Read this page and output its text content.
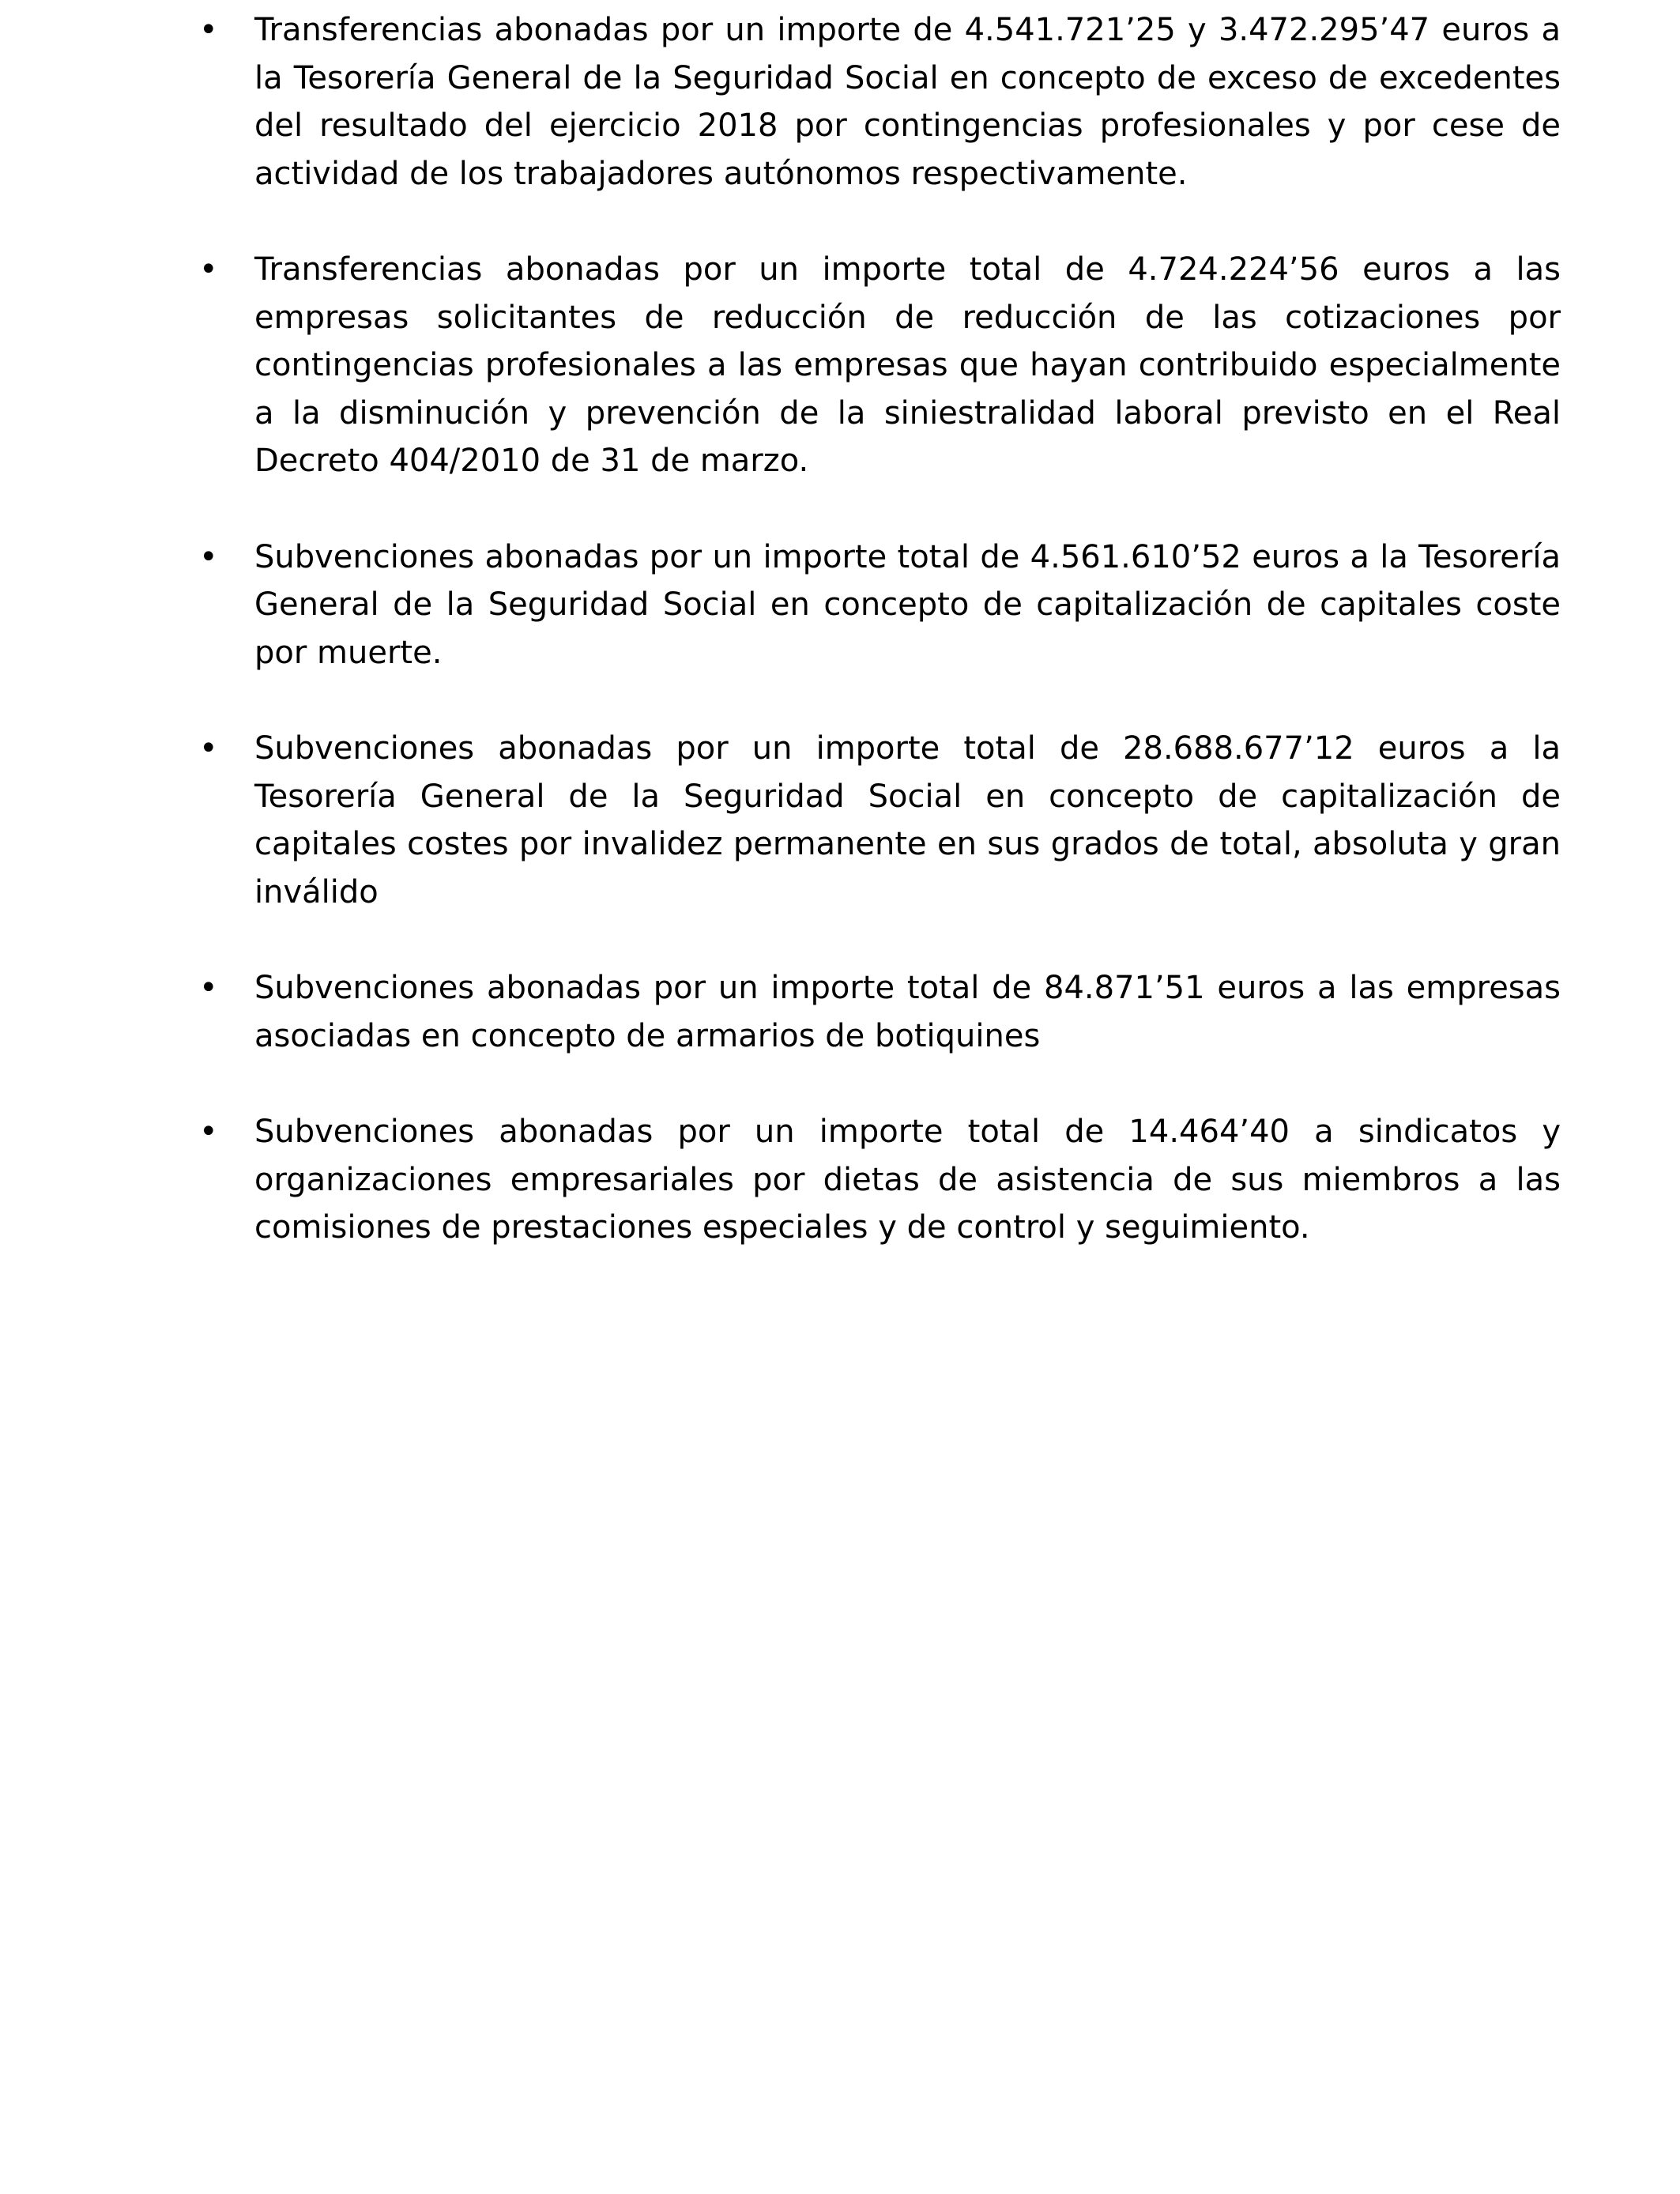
•	Transferencias abonadas por un importe de 4.541.721’25 y 3.472.295’47 euros a la Tesorería General de la Seguridad Social en concepto de exceso de excedentes del resultado del ejercicio 2018 por contingencias profesionales y por cese de actividad de los trabajadores autónomos respectivamente.
•	Transferencias abonadas por un importe total de 4.724.224’56 euros a las empresas solicitantes de reducción de reducción de las cotizaciones por contingencias profesionales a las empresas que hayan contribuido especialmente a la disminución y prevención de la siniestralidad laboral previsto en el Real Decreto 404/2010 de 31 de marzo.
•	Subvenciones abonadas por un importe total de 4.561.610’52 euros a la Tesorería General de la Seguridad Social en concepto de capitalización de capitales coste por muerte.
•	Subvenciones abonadas por un importe total de 28.688.677’12 euros a la Tesorería General de la Seguridad Social en concepto de capitalización de capitales costes por invalidez permanente en sus grados de total, absoluta y gran inválido
•	Subvenciones abonadas por un importe total de 84.871’51 euros a las empresas asociadas en concepto de armarios de botiquines
•	Subvenciones abonadas por un importe total de 14.464’40 a sindicatos y organizaciones empresariales por dietas de asistencia de sus miembros a las comisiones de prestaciones especiales y de control y seguimiento.
